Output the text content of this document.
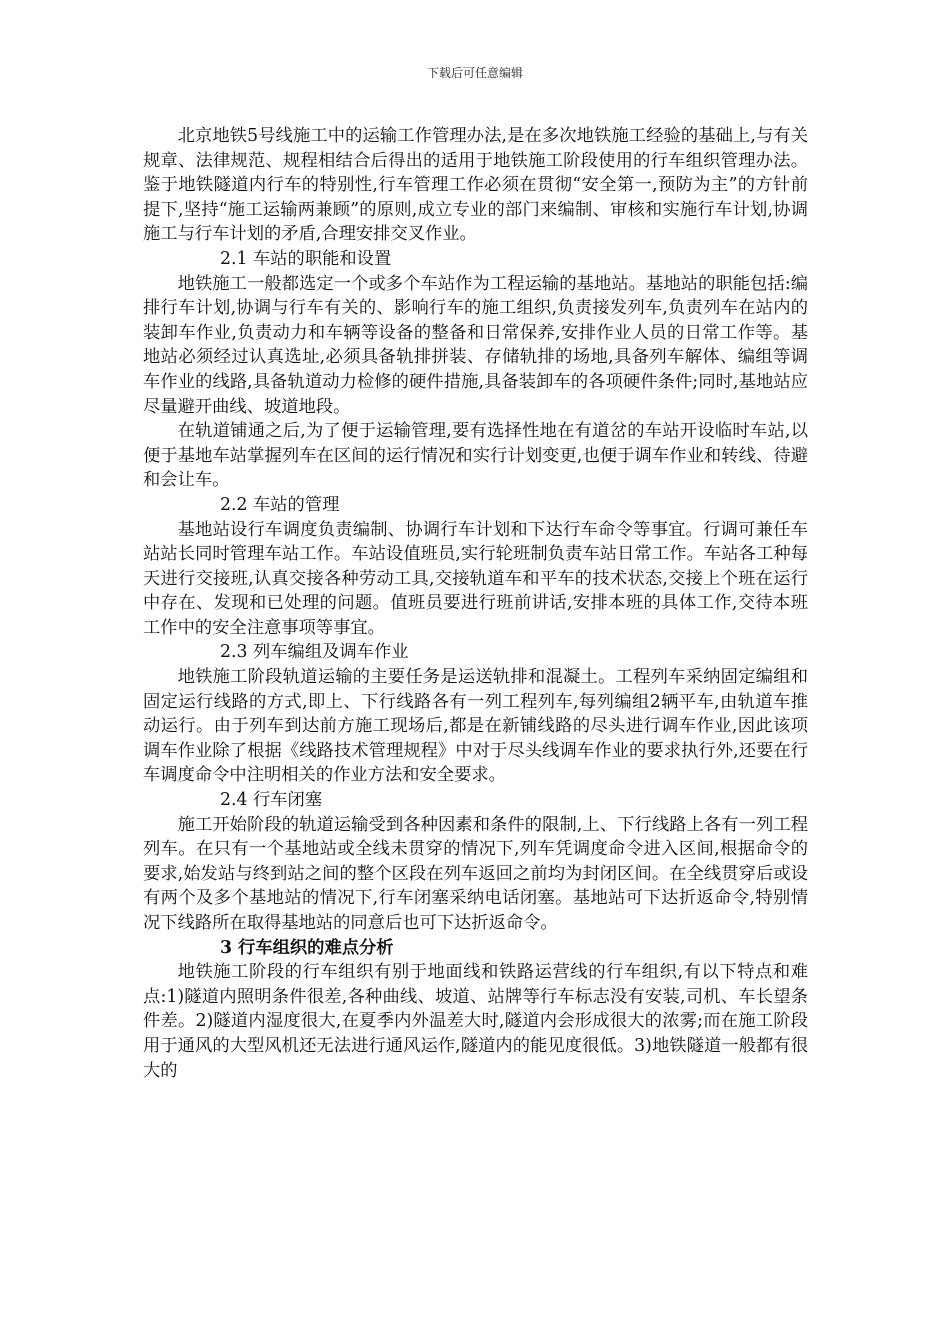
下载后可任意编辑

北京地铁5号线施工中的运输工作管理办法,是在多次地铁施工经验的基础上,与有关规章、法律规范、规程相结合后得出的适用于地铁施工阶段使用的行车组织管理办法。鉴于地铁隧道内行车的特别性,行车管理工作必须在贯彻“安全第一,预防为主”的方针前提下,坚持“施工运输两兼顾”的原则,成立专业的部门来编制、审核和实施行车计划,协调施工与行车计划的矛盾,合理安排交叉作业。

2.1 车站的职能和设置

地铁施工一般都选定一个或多个车站作为工程运输的基地站。基地站的职能包括:编排行车计划,协调与行车有关的、影响行车的施工组织,负责接发列车,负责列车在站内的装卸车作业,负责动力和车辆等设备的整备和日常保养,安排作业人员的日常工作等。基地站必须经过认真选址,必须具备轨排拼装、存储轨排的场地,具备列车解体、编组等调车作业的线路,具备轨道动力检修的硬件措施,具备装卸车的各项硬件条件;同时,基地站应尽量避开曲线、坡道地段。

在轨道铺通之后,为了便于运输管理,要有选择性地在有道岔的车站开设临时车站,以便于基地车站掌握列车在区间的运行情况和实行计划变更,也便于调车作业和转线、待避和会让车。

2.2 车站的管理

基地站设行车调度负责编制、协调行车计划和下达行车命令等事宜。行调可兼任车站站长同时管理车站工作。车站设值班员,实行轮班制负责车站日常工作。车站各工种每天进行交接班,认真交接各种劳动工具,交接轨道车和平车的技术状态,交接上个班在运行中存在、发现和已处理的问题。值班员要进行班前讲话,安排本班的具体工作,交待本班工作中的安全注意事项等事宜。

2.3 列车编组及调车作业

地铁施工阶段轨道运输的主要任务是运送轨排和混凝土。工程列车采纳固定编组和固定运行线路的方式,即上、下行线路各有一列工程列车,每列编组2辆平车,由轨道车推动运行。由于列车到达前方施工现场后,都是在新铺线路的尽头进行调车作业,因此该项调车作业除了根据《线路技术管理规程》中对于尽头线调车作业的要求执行外,还要在行车调度命令中注明相关的作业方法和安全要求。

2.4 行车闭塞

施工开始阶段的轨道运输受到各种因素和条件的限制,上、下行线路上各有一列工程列车。在只有一个基地站或全线未贯穿的情况下,列车凭调度命令进入区间,根据命令的要求,始发站与终到站之间的整个区段在列车返回之前均为封闭区间。在全线贯穿后或设有两个及多个基地站的情况下,行车闭塞采纳电话闭塞。基地站可下达折返命令,特别情况下线路所在取得基地站的同意后也可下达折返命令。

3 行车组织的难点分析

地铁施工阶段的行车组织有别于地面线和铁路运营线的行车组织,有以下特点和难点:1)隧道内照明条件很差,各种曲线、坡道、站牌等行车标志没有安装,司机、车长望条件差。2)隧道内湿度很大,在夏季内外温差大时,隧道内会形成很大的浓雾;而在施工阶段用于通风的大型风机还无法进行通风运作,隧道内的能见度很低。3)地铁隧道一般都有很大的
